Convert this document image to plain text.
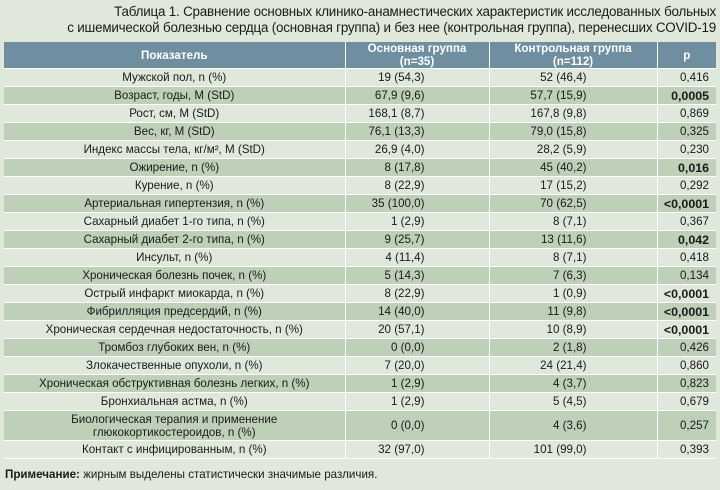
Таблица 1. Сравнение основных клинико-анамнестических характеристик исследованных больных
с ишемической болезнью сердца (основная группа) и без нее (контрольная группа), перенесших COVID-19
Показатель	Основная группа (n=35)	Контрольная группа (n=112)	р
Мужской пол, n (%)	19 (54,3)	52 (46,4)	0,416
Возраст, годы, M (StD)	67,9 (9,6)	57,7 (15,9)	0,0005
Рост, см, M (StD)	168,1 (8,7)	167,8 (9,8)	0,869
Вес, кг, M (StD)	76,1 (13,3)	79,0 (15,8)	0,325
Индекс массы тела, кг/м², M (StD)	26,9 (4,0)	28,2 (5,9)	0,230
Ожирение, n (%)	8 (17,8)	45 (40,2)	0,016
Курение, n (%)	8 (22,9)	17 (15,2)	0,292
Артериальная гипертензия, n (%)	35 (100,0)	70 (62,5)	<0,0001
Сахарный диабет 1-го типа, n (%)	1 (2,9)	8 (7,1)	0,367
Сахарный диабет 2-го типа, n (%)	9 (25,7)	13 (11,6)	0,042
Инсульт, n (%)	4 (11,4)	8 (7,1)	0,418
Хроническая болезнь почек, n (%)	5 (14,3)	7 (6,3)	0,134
Острый инфаркт миокарда, n (%)	8 (22,9)	1 (0,9)	<0,0001
Фибрилляция предсердий, n (%)	14 (40,0)	11 (9,8)	<0,0001
Хроническая сердечная недостаточность, n (%)	20 (57,1)	10 (8,9)	<0,0001
Тромбоз глубоких вен, n (%)	0 (0,0)	2 (1,8)	0,426
Злокачественные опухоли, n (%)	7 (20,0)	24 (21,4)	0,860
Хроническая обструктивная болезнь легких, n (%)	1 (2,9)	4 (3,7)	0,823
Бронхиальная астма, n (%)	1 (2,9)	5 (4,5)	0,679
Биологическая терапия и применение глюкокортикостероидов, n (%)	0 (0,0)	4 (3,6)	0,257
Контакт с инфицированным, n (%)	32 (97,0)	101 (99,0)	0,393
Примечание: жирным выделены статистически значимые различия.
